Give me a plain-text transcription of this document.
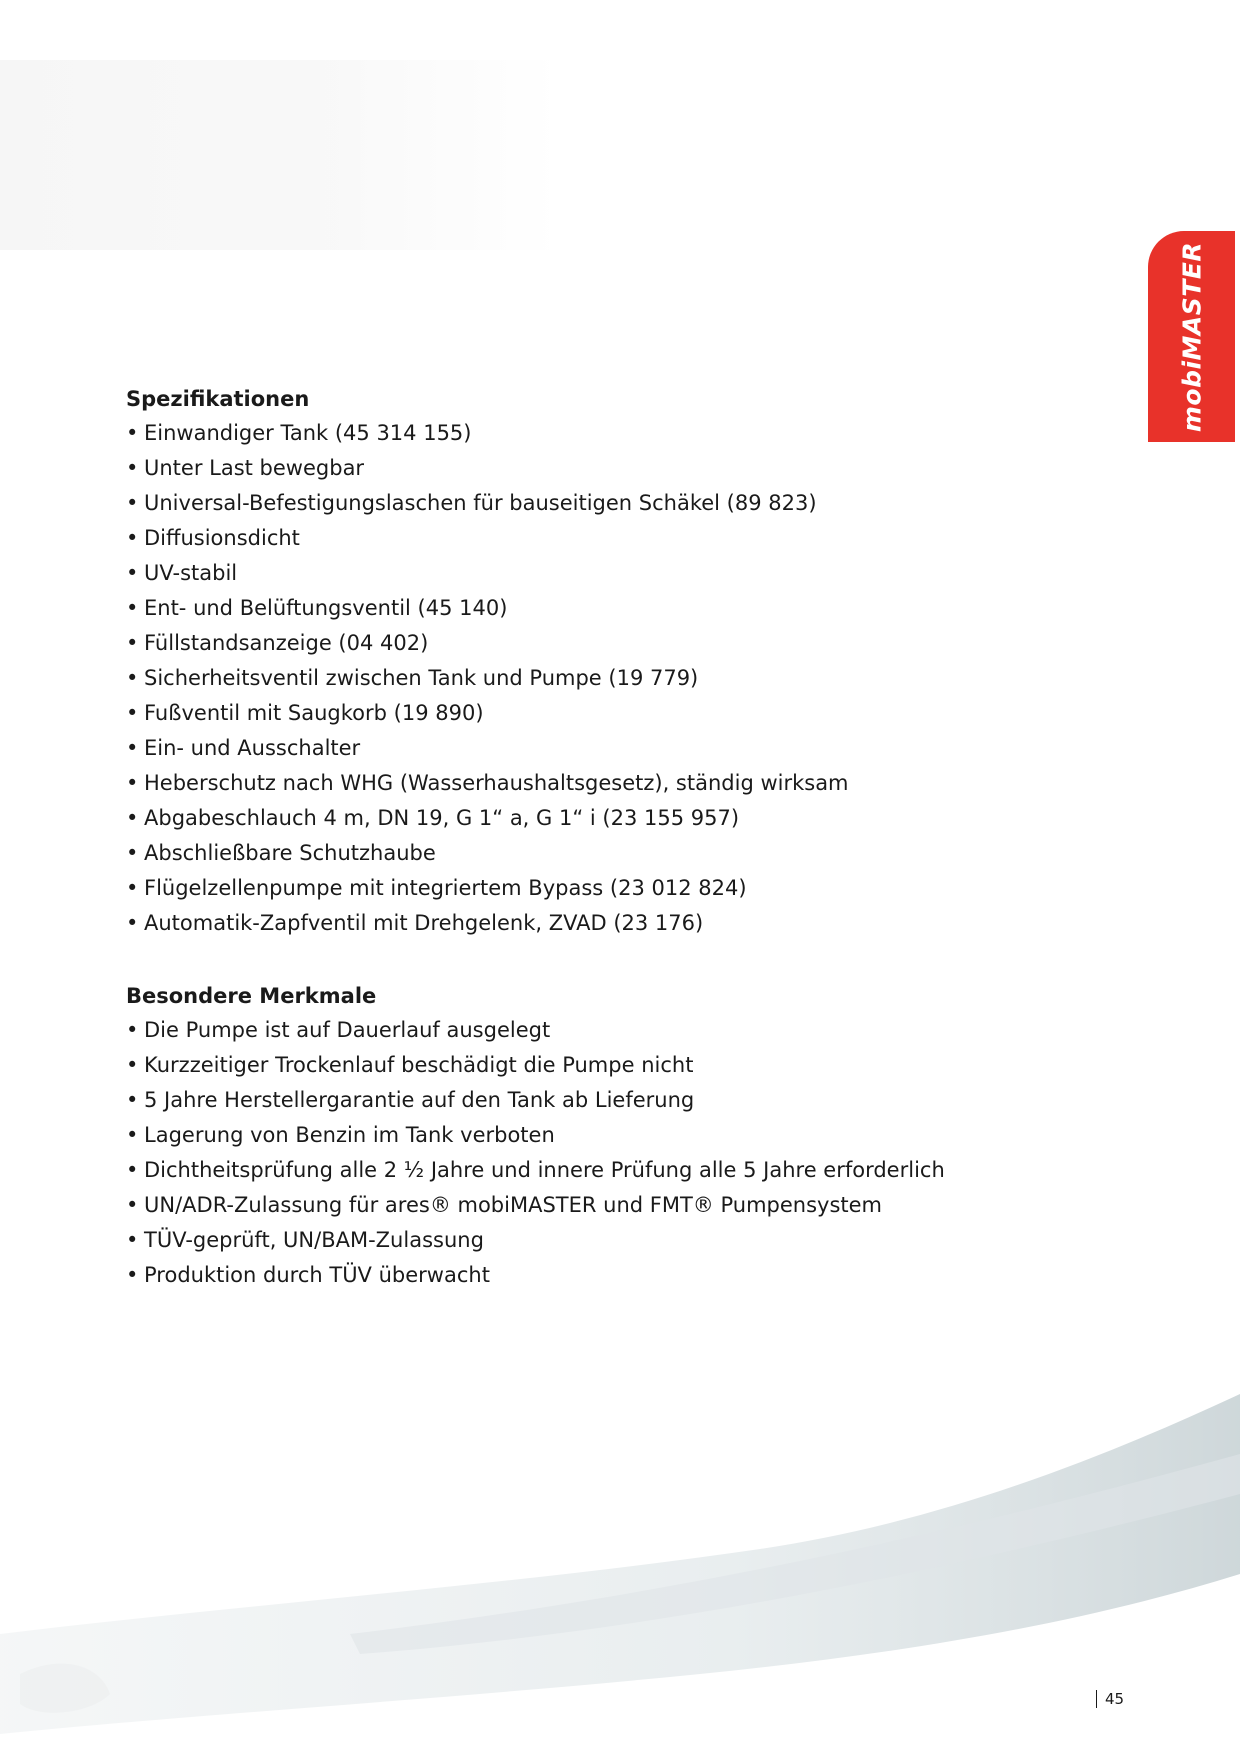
mobiMASTER
Spezifikationen
• Einwandiger Tank (45 314 155)
• Unter Last bewegbar
• Universal-Befestigungslaschen für bauseitigen Schäkel (89 823)
• Diffusionsdicht
• UV-stabil
• Ent- und Belüftungsventil (45 140)
• Füllstandsanzeige (04 402)
• Sicherheitsventil zwischen Tank und Pumpe (19 779)
• Fußventil mit Saugkorb (19 890)
• Ein- und Ausschalter
• Heberschutz nach WHG (Wasserhaushaltsgesetz), ständig wirksam
• Abgabeschlauch 4 m, DN 19, G 1“ a, G 1“ i (23 155 957)
• Abschließbare Schutzhaube
• Flügelzellenpumpe mit integriertem Bypass (23 012 824)
• Automatik-Zapfventil mit Drehgelenk, ZVAD (23 176)
Besondere Merkmale
• Die Pumpe ist auf Dauerlauf ausgelegt
• Kurzzeitiger Trockenlauf beschädigt die Pumpe nicht
• 5 Jahre Herstellergarantie auf den Tank ab Lieferung
• Lagerung von Benzin im Tank verboten
• Dichtheitsprüfung alle 2 ½ Jahre und innere Prüfung alle 5 Jahre erforderlich
• UN/ADR-Zulassung für ares® mobiMASTER und FMT® Pumpensystem
• TÜV-geprüft, UN/BAM-Zulassung
• Produktion durch TÜV überwacht
45
